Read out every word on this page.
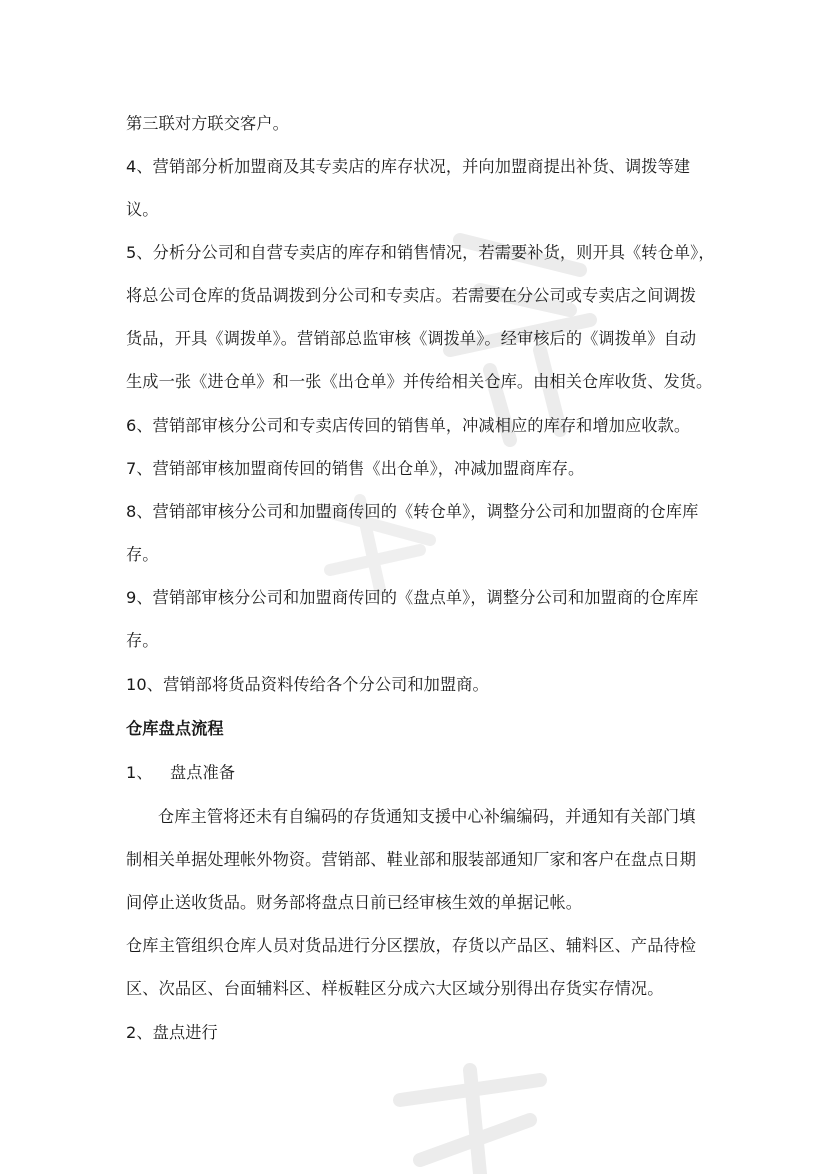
第三联对方联交客户。
4、营销部分析加盟商及其专卖店的库存状况，并向加盟商提出补货、调拨等建
议。
5、分析分公司和自营专卖店的库存和销售情况，若需要补货，则开具《转仓单》，
将总公司仓库的货品调拨到分公司和专卖店。若需要在分公司或专卖店之间调拨
货品，开具《调拨单》。营销部总监审核《调拨单》。经审核后的《调拨单》自动
生成一张《进仓单》和一张《出仓单》并传给相关仓库。由相关仓库收货、发货。
6、营销部审核分公司和专卖店传回的销售单，冲减相应的库存和增加应收款。
7、营销部审核加盟商传回的销售《出仓单》，冲减加盟商库存。
8、营销部审核分公司和加盟商传回的《转仓单》，调整分公司和加盟商的仓库库
存。
9、营销部审核分公司和加盟商传回的《盘点单》，调整分公司和加盟商的仓库库
存。
10、营销部将货品资料传给各个分公司和加盟商。
仓库盘点流程
1、 盘点准备
仓库主管将还未有自编码的存货通知支援中心补编编码，并通知有关部门填
制相关单据处理帐外物资。营销部、鞋业部和服装部通知厂家和客户在盘点日期
间停止送收货品。财务部将盘点日前已经审核生效的单据记帐。
仓库主管组织仓库人员对货品进行分区摆放，存货以产品区、辅料区、产品待检
区、次品区、台面辅料区、样板鞋区分成六大区域分别得出存货实存情况。
2、盘点进行
